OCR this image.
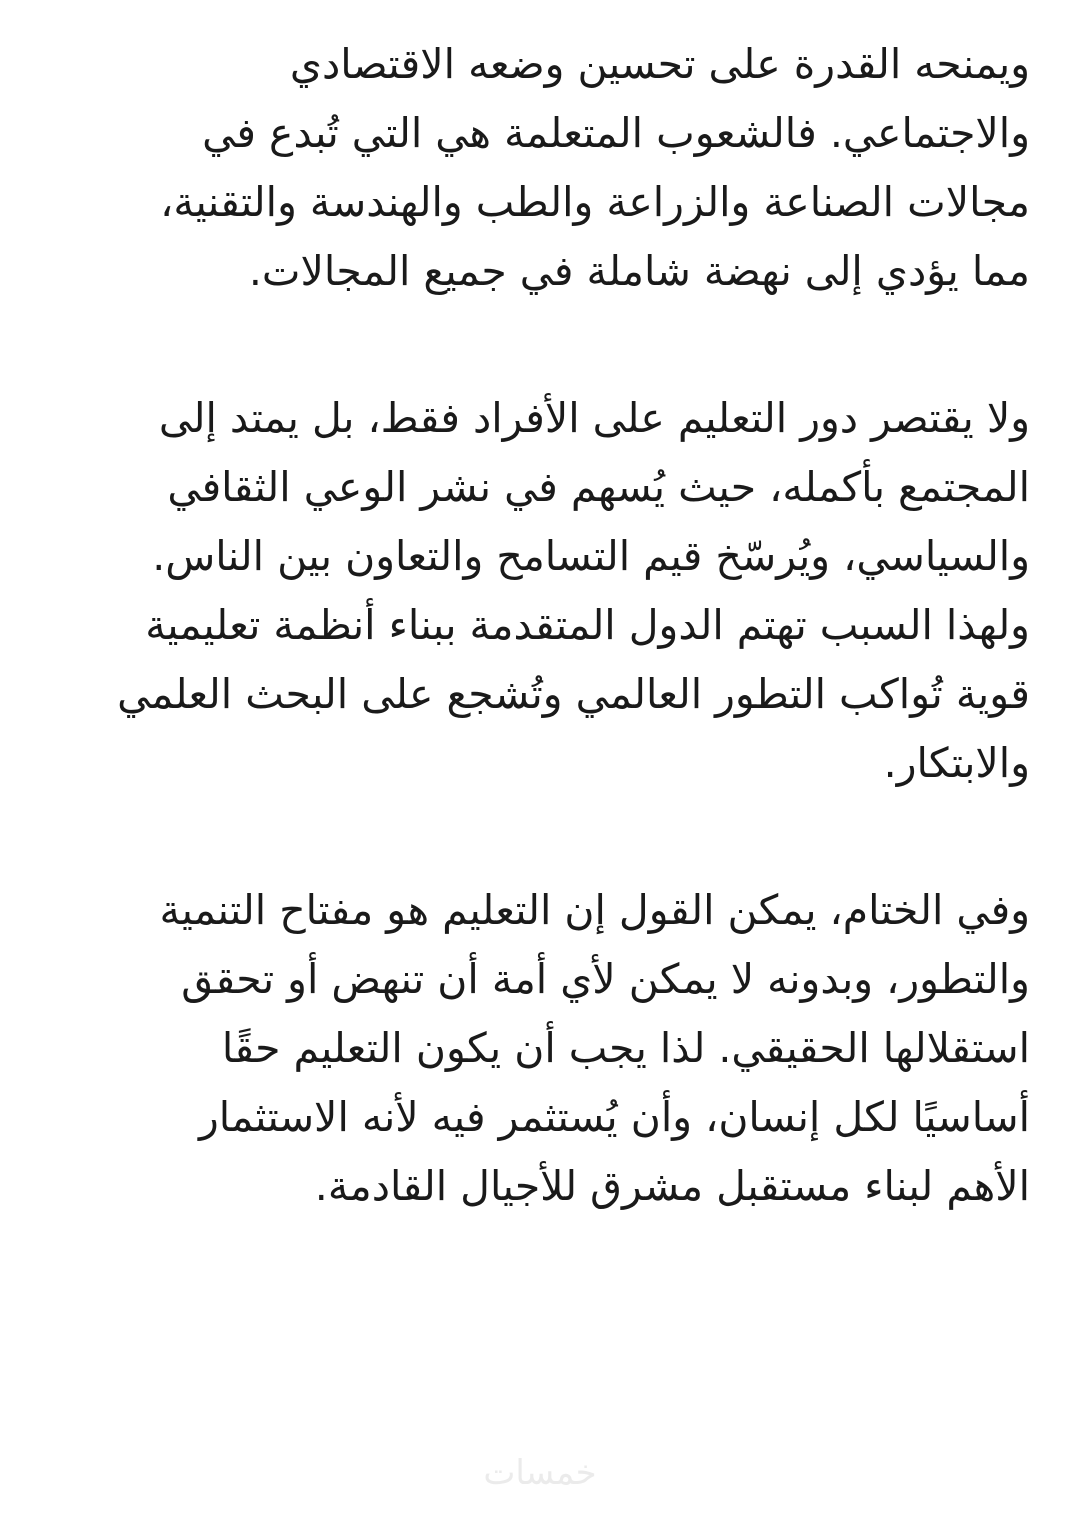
ويمنحه القدرة على تحسين وضعه الاقتصادي
والاجتماعي. فالشعوب المتعلمة هي التي تُبدع في
مجالات الصناعة والزراعة والطب والهندسة والتقنية،
مما يؤدي إلى نهضة شاملة في جميع المجالات.

ولا يقتصر دور التعليم على الأفراد فقط، بل يمتد إلى
المجتمع بأكمله، حيث يُسهم في نشر الوعي الثقافي
والسياسي، ويُرسّخ قيم التسامح والتعاون بين الناس.
ولهذا السبب تهتم الدول المتقدمة ببناء أنظمة تعليمية
قوية تُواكب التطور العالمي وتُشجع على البحث العلمي
والابتكار.

وفي الختام، يمكن القول إن التعليم هو مفتاح التنمية
والتطور، وبدونه لا يمكن لأي أمة أن تنهض أو تحقق
استقلالها الحقيقي. لذا يجب أن يكون التعليم حقًا
أساسيًا لكل إنسان، وأن يُستثمر فيه لأنه الاستثمار
الأهم لبناء مستقبل مشرق للأجيال القادمة.

خمسات
